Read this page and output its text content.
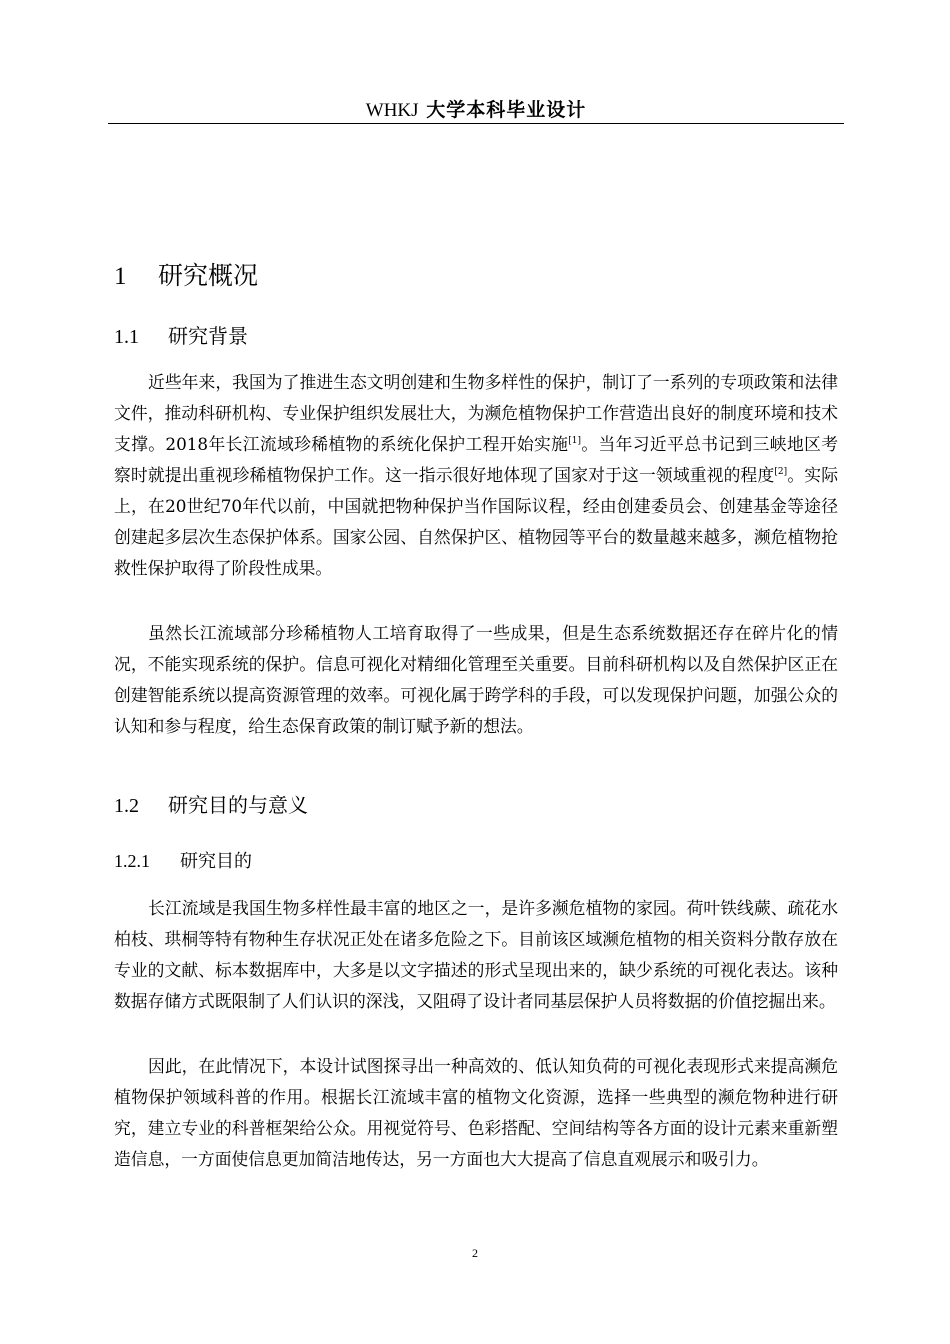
WHKJ 大学本科毕业设计
1 研究概况
1.1 研究背景

近些年来，我国为了推进生态文明创建和生物多样性的保护，制订了一系列的专项政策和法律文件，推动科研机构、专业保护组织发展壮大，为濒危植物保护工作营造出良好的制度环境和技术支撑。2018年长江流域珍稀植物的系统化保护工程开始实施[1]。当年习近平总书记到三峡地区考察时就提出重视珍稀植物保护工作。这一指示很好地体现了国家对于这一领域重视的程度[2]。实际上，在20世纪70年代以前，中国就把物种保护当作国际议程，经由创建委员会、创建基金等途径创建起多层次生态保护体系。国家公园、自然保护区、植物园等平台的数量越来越多，濒危植物抢救性保护取得了阶段性成果。

虽然长江流域部分珍稀植物人工培育取得了一些成果，但是生态系统数据还存在碎片化的情况，不能实现系统的保护。信息可视化对精细化管理至关重要。目前科研机构以及自然保护区正在创建智能系统以提高资源管理的效率。可视化属于跨学科的手段，可以发现保护问题，加强公众的认知和参与程度，给生态保育政策的制订赋予新的想法。

1.2 研究目的与意义
1.2.1 研究目的

长江流域是我国生物多样性最丰富的地区之一，是许多濒危植物的家园。荷叶铁线蕨、疏花水柏枝、珙桐等特有物种生存状况正处在诸多危险之下。目前该区域濒危植物的相关资料分散存放在专业的文献、标本数据库中，大多是以文字描述的形式呈现出来的，缺少系统的可视化表达。该种数据存储方式既限制了人们认识的深浅，又阻碍了设计者同基层保护人员将数据的价值挖掘出来。

因此，在此情况下，本设计试图探寻出一种高效的、低认知负荷的可视化表现形式来提高濒危植物保护领域科普的作用。根据长江流域丰富的植物文化资源，选择一些典型的濒危物种进行研究，建立专业的科普框架给公众。用视觉符号、色彩搭配、空间结构等各方面的设计元素来重新塑造信息，一方面使信息更加简洁地传达，另一方面也大大提高了信息直观展示和吸引力。

2
